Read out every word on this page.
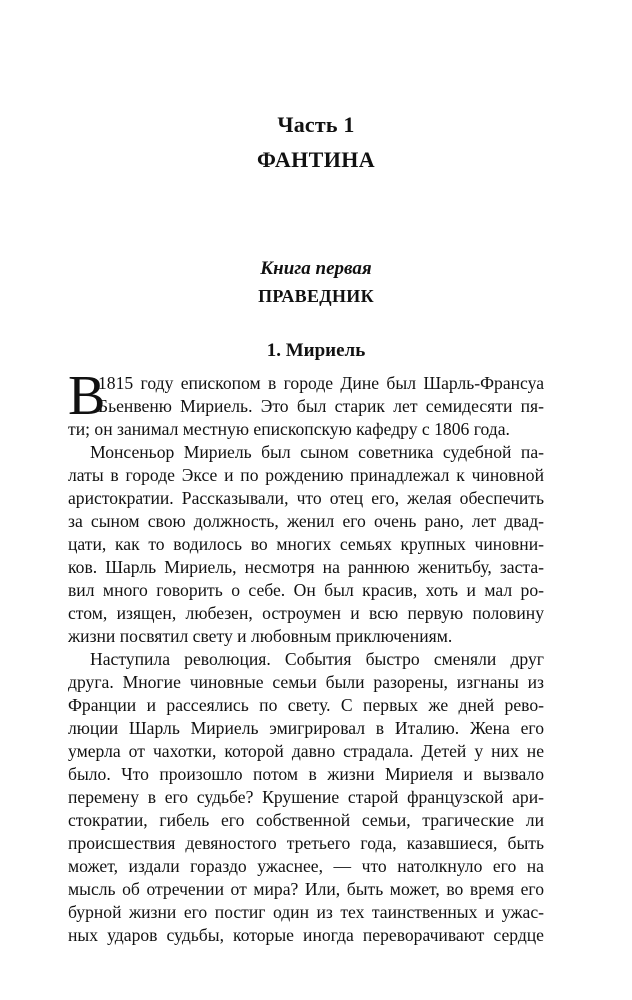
Часть 1
ФАНТИНА
Книга первая
ПРАВЕДНИК
1. Мириель
В
1815 году епископом в городе Дине был Шарль-Франсуа
Бьенвеню Мириель. Это был старик лет семидесяти пя-
ти; он занимал местную епископскую кафедру с 1806 года.
Монсеньор Мириель был сыном советника судебной па-
латы в городе Эксе и по рождению принадлежал к чиновной
аристократии. Рассказывали, что отец его, желая обеспечить
за сыном свою должность, женил его очень рано, лет двад-
цати, как то водилось во многих семьях крупных чиновни-
ков. Шарль Мириель, несмотря на раннюю женитьбу, заста-
вил много говорить о себе. Он был красив, хоть и мал ро-
стом, изящен, любезен, остроумен и всю первую половину
жизни посвятил свету и любовным приключениям.
Наступила революция. События быстро сменяли друг
друга. Многие чиновные семьи были разорены, изгнаны из
Франции и рассеялись по свету. С первых же дней рево-
люции Шарль Мириель эмигрировал в Италию. Жена его
умерла от чахотки, которой давно страдала. Детей у них не
было. Что произошло потом в жизни Мириеля и вызвало
перемену в его судьбе? Крушение старой французской ари-
стократии, гибель его собственной семьи, трагические ли
происшествия девяностого третьего года, казавшиеся, быть
может, издали гораздо ужаснее, — что натолкнуло его на
мысль об отречении от мира? Или, быть может, во время его
бурной жизни его постиг один из тех таинственных и ужас-
ных ударов судьбы, которые иногда переворачивают сердце
